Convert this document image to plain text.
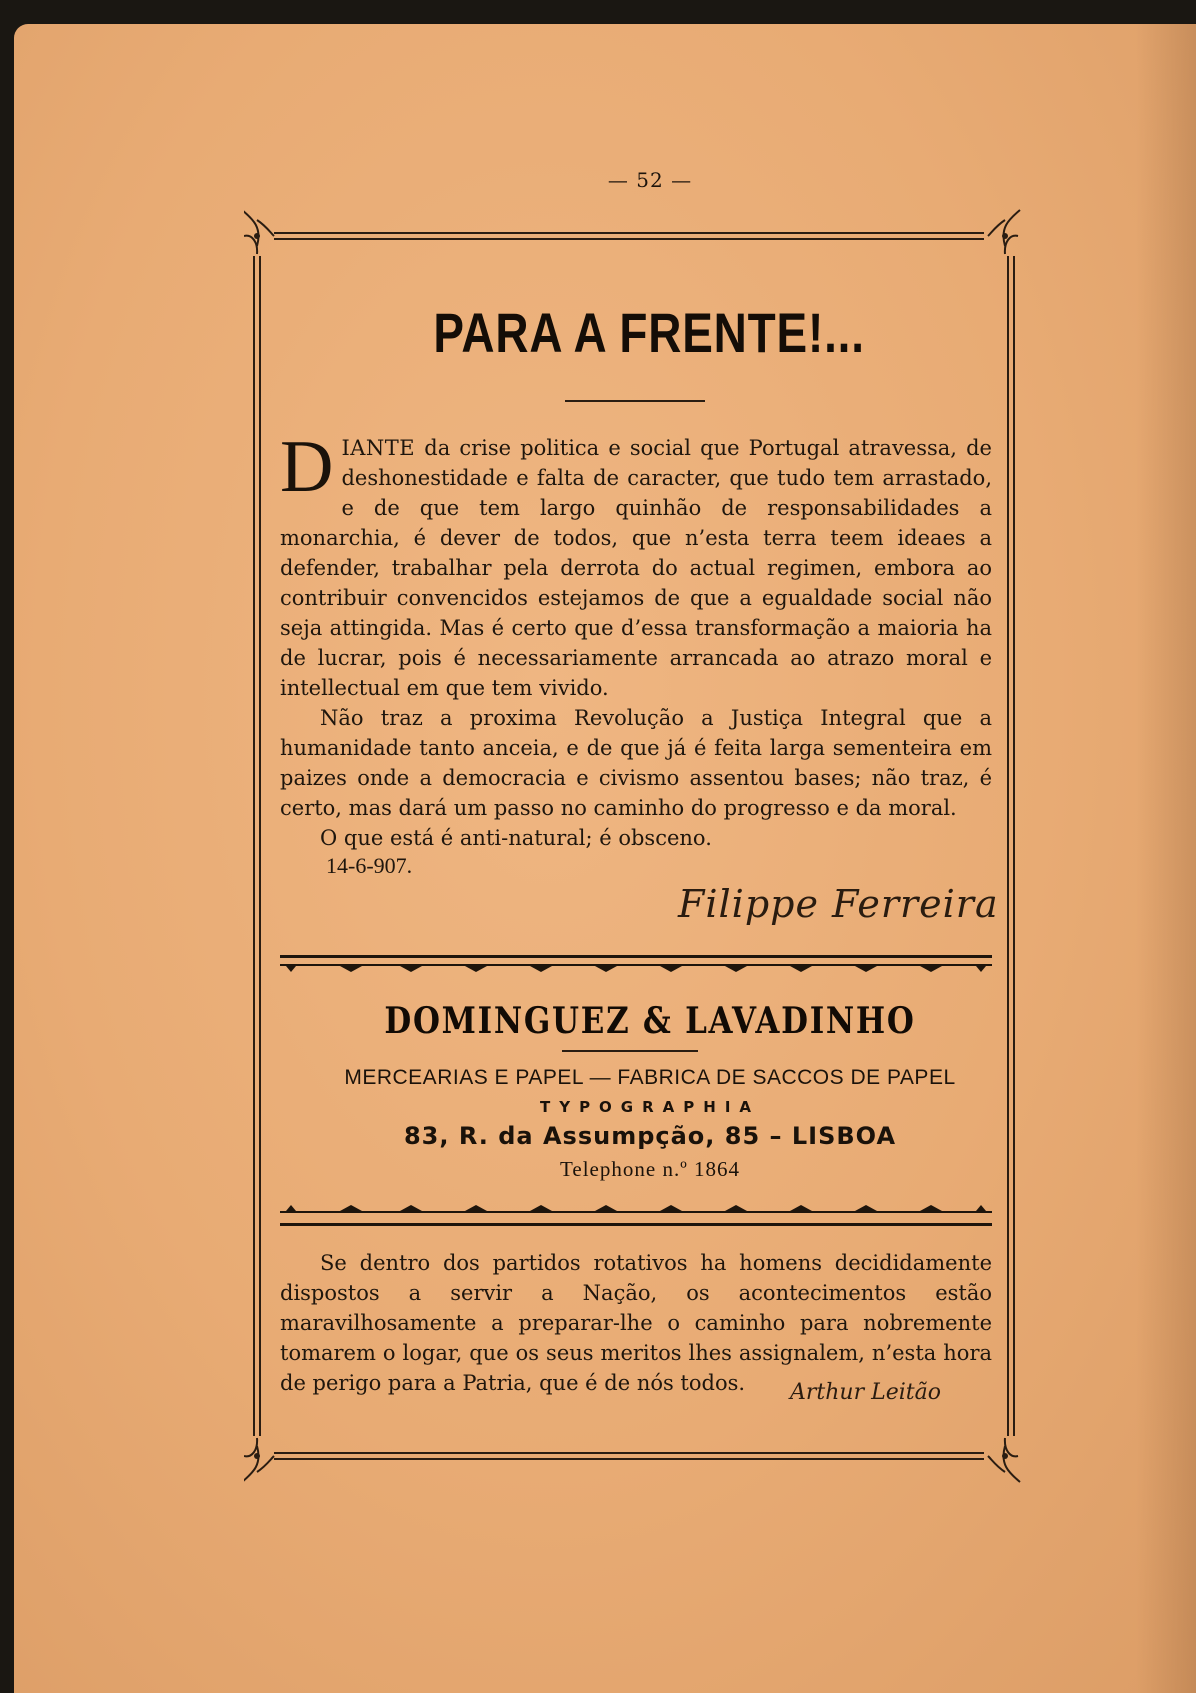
— 52 —
PARA A FRENTE!...

DIANTE da crise politica e social que Portugal atravessa, de deshonestidade e falta de caracter, que tudo tem arrastado, e de que tem largo quinhão de responsabilidades a monarchia, é dever de todos, que n’esta terra teem ideaes a defender, trabalhar pela derrota do actual regimen, embora ao contribuir convencidos estejamos de que a egualdade social não seja attingida. Mas é certo que d’essa transformação a maioria ha de lucrar, pois é necessariamente arrancada ao atrazo moral e intellectual em que tem vivido.

Não traz a proxima Revolução a Justiça Integral que a humanidade tanto anceia, e de que já é feita larga sementeira em paizes onde a democracia e civismo assentou bases; não traz, é certo, mas dará um passo no caminho do progresso e da moral.

O que está é anti-natural; é obsceno.

14-6-907.
Filippe Ferreira
DOMINGUEZ & LAVADINHO
MERCEARIAS E PAPEL — FABRICA DE SACCOS DE PAPEL
TYPOGRAPHIA
83, R. da Assumpção, 85 – LISBOA
Telephone n.º 1864

Se dentro dos partidos rotativos ha homens decididamente dispostos a servir a Nação, os acontecimentos estão maravilhosamente a preparar-lhe o caminho para nobremente tomarem o logar, que os seus meritos lhes assignalem, n’esta hora de perigo para a Patria, que é de nós todos.	Arthur Leitão
